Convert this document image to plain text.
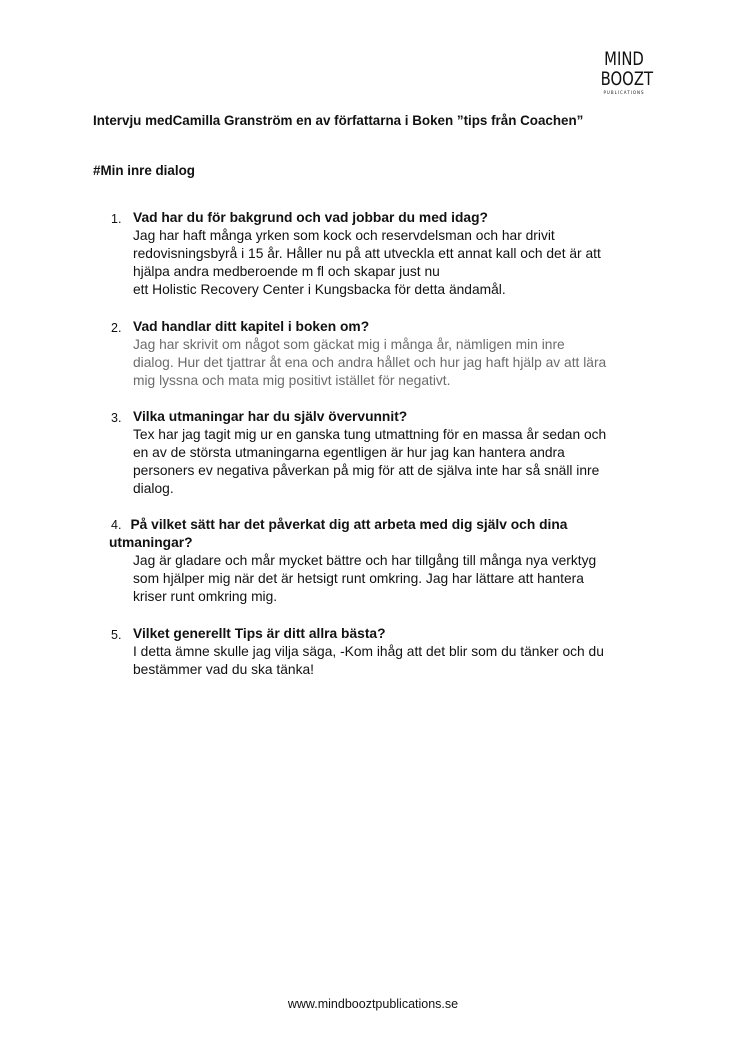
MIND
BOOZT
PUBLICATIONS
Intervju medCamilla Granström en av författarna i Boken ”tips från Coachen”
#Min inre dialog
1. Vad har du för bakgrund och vad jobbar du med idag?
Jag har haft många yrken som kock och reservdelsman och har drivit
redovisningsbyrå i 15 år. Håller nu på att utveckla ett annat kall och det är att
hjälpa andra medberoende m fl och skapar just nu
ett Holistic Recovery Center i Kungsbacka för detta ändamål.
2. Vad handlar ditt kapitel i boken om?
Jag har skrivit om något som gäckat mig i många år, nämligen min inre
dialog. Hur det tjattrar åt ena och andra hållet och hur jag haft hjälp av att lära
mig lyssna och mata mig positivt istället för negativt.
3. Vilka utmaningar har du själv övervunnit?
Tex har jag tagit mig ur en ganska tung utmattning för en massa år sedan och
en av de största utmaningarna egentligen är hur jag kan hantera andra
personers ev negativa påverkan på mig för att de själva inte har så snäll inre
dialog.
4. På vilket sätt har det påverkat dig att arbeta med dig själv och dina
utmaningar?
Jag är gladare och mår mycket bättre och har tillgång till många nya verktyg
som hjälper mig när det är hetsigt runt omkring. Jag har lättare att hantera
kriser runt omkring mig.
5. Vilket generellt Tips är ditt allra bästa?
I detta ämne skulle jag vilja säga, -Kom ihåg att det blir som du tänker och du
bestämmer vad du ska tänka!
www.mindbooztpublications.se
